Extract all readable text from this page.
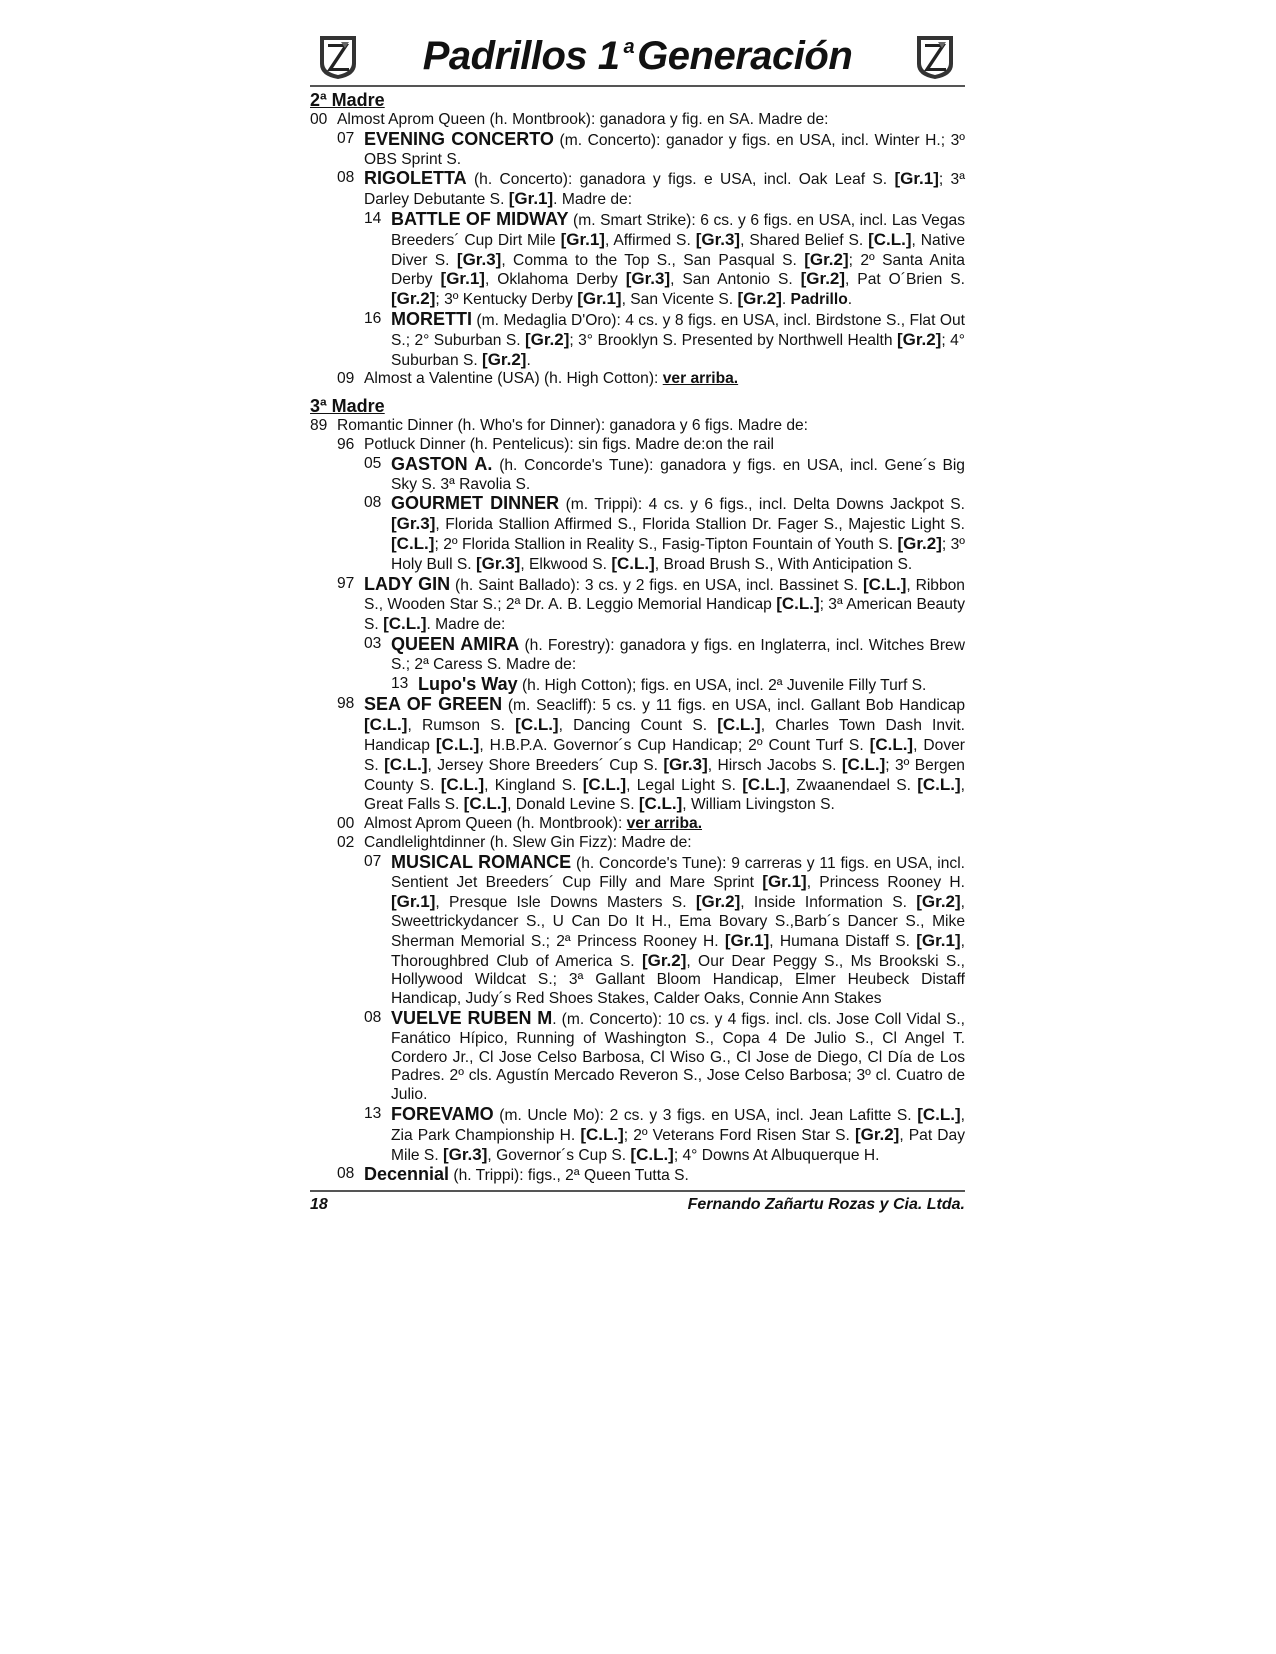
Padrillos 1 $^a$Generación
2ª Madre
00 Almost Aprom Queen (h. Montbrook): ganadora y fig. en SA. Madre de:
07 EVENING CONCERTO (m. Concerto): ganador y figs. en USA, incl. Winter H.; 3º OBS Sprint S.
08 RIGOLETTA (h. Concerto): ganadora y figs. e USA, incl. Oak Leaf S. [Gr.1]; 3ª Darley Debutante S. [Gr.1]. Madre de:
14 BATTLE OF MIDWAY (m. Smart Strike): 6 cs. y 6 figs. en USA, incl. Las Vegas Breeders´ Cup Dirt Mile [Gr.1], Affirmed S. [Gr.3], Shared Belief S. [C.L.], Native Diver S. [Gr.3], Comma to the Top S., San Pasqual S. [Gr.2]; 2º Santa Anita Derby [Gr.1], Oklahoma Derby [Gr.3], San Antonio S. [Gr.2], Pat O´Brien S. [Gr.2]; 3º Kentucky Derby [Gr.1], San Vicente S. [Gr.2]. Padrillo.
16 MORETTI (m. Medaglia D'Oro): 4 cs. y 8 figs. en USA, incl. Birdstone S., Flat Out S.; 2° Suburban S. [Gr.2]; 3° Brooklyn S. Presented by Northwell Health [Gr.2]; 4° Suburban S. [Gr.2].
09 Almost a Valentine (USA) (h. High Cotton): ver arriba.
3ª Madre
89 Romantic Dinner (h. Who's for Dinner): ganadora y 6 figs. Madre de:
96 Potluck Dinner (h. Pentelicus): sin figs. Madre de:on the rail
05 GASTON A. (h. Concorde's Tune): ganadora y figs. en USA, incl. Gene´s Big Sky S. 3ª Ravolia S.
08 GOURMET DINNER (m. Trippi): 4 cs. y 6 figs., incl. Delta Downs Jackpot S. [Gr.3], Florida Stallion Affirmed S., Florida Stallion Dr. Fager S., Majestic Light S. [C.L.]; 2º Florida Stallion in Reality S., Fasig-Tipton Fountain of Youth S. [Gr.2]; 3º Holy Bull S. [Gr.3], Elkwood S. [C.L.], Broad Brush S., With Anticipation S.
97 LADY GIN (h. Saint Ballado): 3 cs. y 2 figs. en USA, incl. Bassinet S. [C.L.], Ribbon S., Wooden Star S.; 2ª Dr. A. B. Leggio Memorial Handicap [C.L.]; 3ª American Beauty S. [C.L.]. Madre de:
03 QUEEN AMIRA (h. Forestry): ganadora y figs. en Inglaterra, incl. Witches Brew S.; 2ª Caress S. Madre de:
13 Lupo's Way (h. High Cotton); figs. en USA, incl. 2ª Juvenile Filly Turf S.
98 SEA OF GREEN (m. Seacliff): 5 cs. y 11 figs. en USA, incl. Gallant Bob Handicap [C.L.], Rumson S. [C.L.], Dancing Count S. [C.L.], Charles Town Dash Invit. Handicap [C.L.], H.B.P.A. Governor´s Cup Handicap; 2º Count Turf S. [C.L.], Dover S. [C.L.], Jersey Shore Breeders´ Cup S. [Gr.3], Hirsch Jacobs S. [C.L.]; 3º Bergen County S. [C.L.], Kingland S. [C.L.], Legal Light S. [C.L.], Zwaanendael S. [C.L.], Great Falls S. [C.L.], Donald Levine S. [C.L.], William Livingston S.
00 Almost Aprom Queen (h. Montbrook): ver arriba.
02 Candlelightdinner (h. Slew Gin Fizz): Madre de:
07 MUSICAL ROMANCE (h. Concorde's Tune): 9 carreras y 11 figs. en USA, incl. Sentient Jet Breeders´ Cup Filly and Mare Sprint [Gr.1], Princess Rooney H. [Gr.1], Presque Isle Downs Masters S. [Gr.2], Inside Information S. [Gr.2], Sweettrickydancer S., U Can Do It H., Ema Bovary S.,Barb´s Dancer S., Mike Sherman Memorial S.; 2ª Princess Rooney H. [Gr.1], Humana Distaff S. [Gr.1], Thoroughbred Club of America S. [Gr.2], Our Dear Peggy S., Ms Brookski S., Hollywood Wildcat S.; 3ª Gallant Bloom Handicap, Elmer Heubeck Distaff Handicap, Judy´s Red Shoes Stakes, Calder Oaks, Connie Ann Stakes
08 VUELVE RUBEN M. (m. Concerto): 10 cs. y 4 figs. incl. cls. Jose Coll Vidal S., Fanático Hípico, Running of Washington S., Copa 4 De Julio S., Cl Angel T. Cordero Jr., Cl Jose Celso Barbosa, Cl Wiso G., Cl Jose de Diego, Cl Día de Los Padres. 2º cls. Agustín Mercado Reveron S., Jose Celso Barbosa; 3º cl. Cuatro de Julio.
13 FOREVAMO (m. Uncle Mo): 2 cs. y 3 figs. en USA, incl. Jean Lafitte S. [C.L.], Zia Park Championship H. [C.L.]; 2º Veterans Ford Risen Star S. [Gr.2], Pat Day Mile S. [Gr.3], Governor´s Cup S. [C.L.]; 4° Downs At Albuquerque H.
08 Decennial (h. Trippi): figs., 2ª Queen Tutta S.
18	Fernando Zañartu Rozas y Cia. Ltda.
